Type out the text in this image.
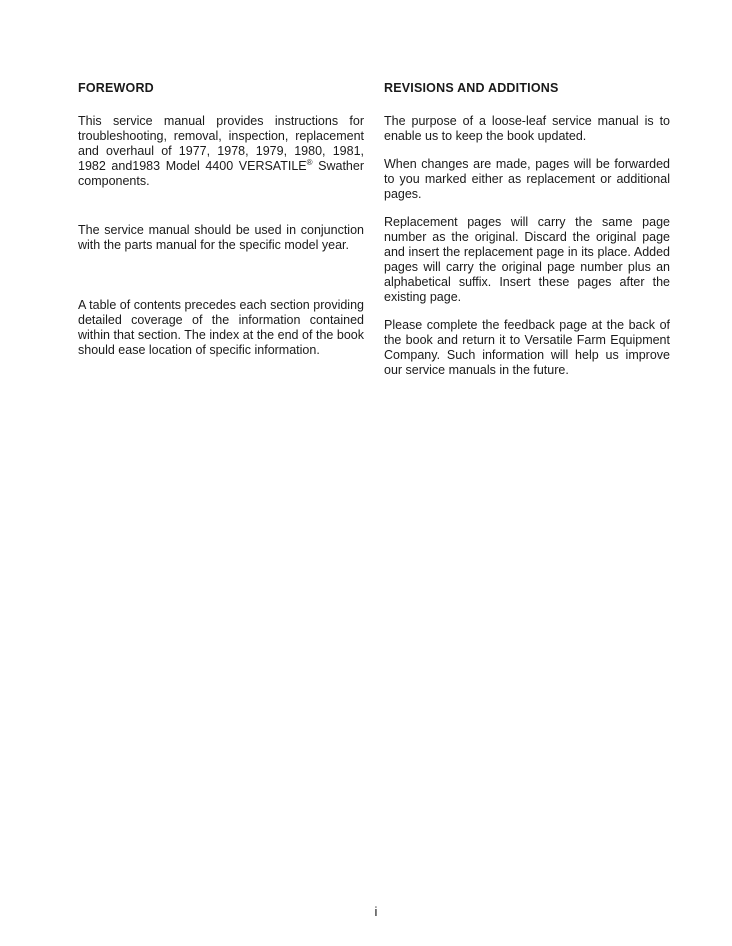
FOREWORD

This service manual provides instructions for troubleshooting, removal, inspection, replacement and overhaul of 1977, 1978, 1979, 1980, 1981, 1982 and1983 Model 4400 VERSATILE® Swather components.

The service manual should be used in conjunction with the parts manual for the specific model year.

A table of contents precedes each section providing detailed coverage of the information contained within that section. The index at the end of the book should ease location of specific information.

REVISIONS AND ADDITIONS

The purpose of a loose-leaf service manual is to enable us to keep the book updated.

When changes are made, pages will be forwarded to you marked either as replacement or additional pages.

Replacement pages will carry the same page number as the original. Discard the original page and insert the replacement page in its place. Added pages will carry the original page number plus an alphabetical suffix. Insert these pages after the existing page.

Please complete the feedback page at the back of the book and return it to Versatile Farm Equipment Company. Such information will help us improve our service manuals in the future.

i
